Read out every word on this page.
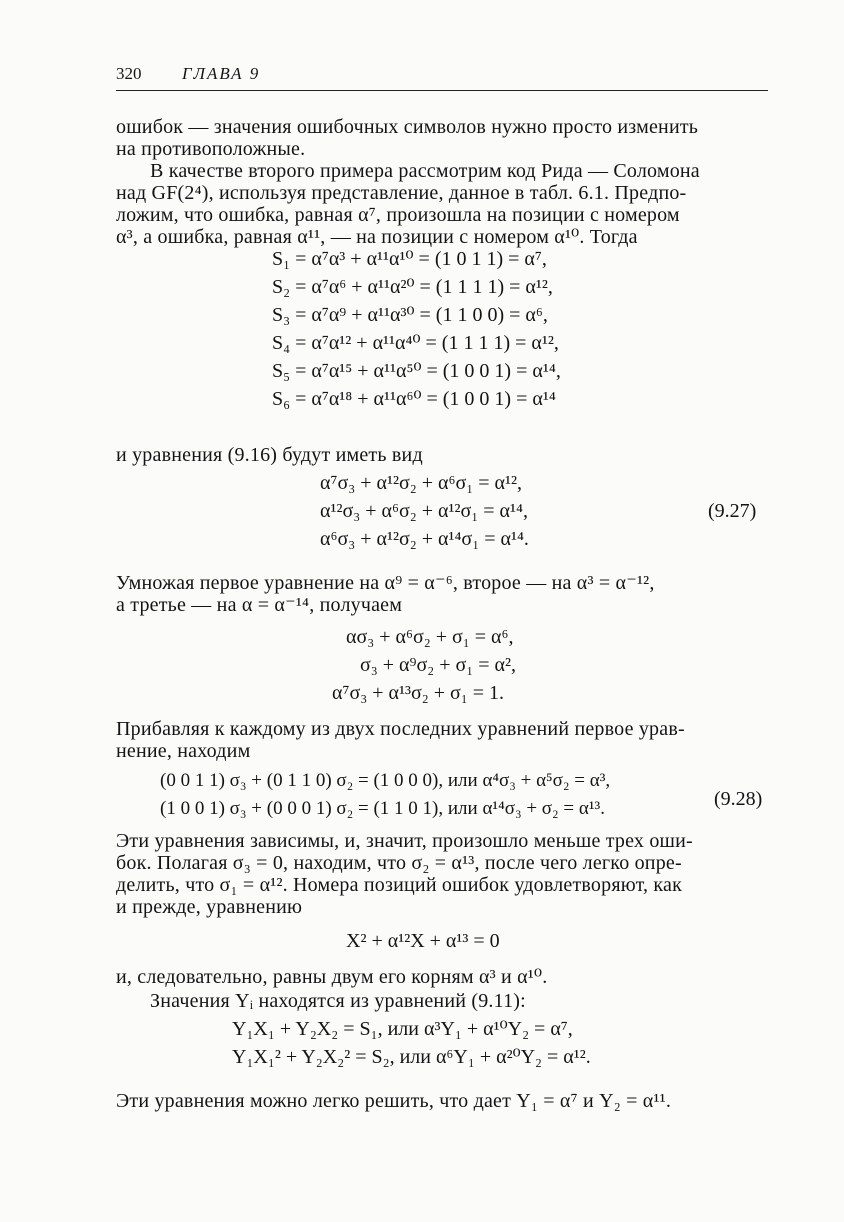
320 ГЛАВА 9
ошибок — значения ошибочных символов нужно просто изменить
на противоположные.
В качестве второго примера рассмотрим код Рида — Соломона
над GF(2⁴), используя представление, данное в табл. 6.1. Предпо-
ложим, что ошибка, равная α⁷, произошла на позиции с номером
α³, а ошибка, равная α¹¹, — на позиции с номером α¹⁰. Тогда
S₁ = α⁷α³ + α¹¹α¹⁰ = (1 0 1 1) = α⁷,
S₂ = α⁷α⁶ + α¹¹α²⁰ = (1 1 1 1) = α¹²,
S₃ = α⁷α⁹ + α¹¹α³⁰ = (1 1 0 0) = α⁶,
S₄ = α⁷α¹² + α¹¹α⁴⁰ = (1 1 1 1) = α¹²,
S₅ = α⁷α¹⁵ + α¹¹α⁵⁰ = (1 0 0 1) = α¹⁴,
S₆ = α⁷α¹⁸ + α¹¹α⁶⁰ = (1 0 0 1) = α¹⁴
и уравнения (9.16) будут иметь вид
α⁷σ₃ + α¹²σ₂ + α⁶σ₁ = α¹²,
α¹²σ₃ + α⁶σ₂ + α¹²σ₁ = α¹⁴,
α⁶σ₃ + α¹²σ₂ + α¹⁴σ₁ = α¹⁴.
(9.27)
Умножая первое уравнение на α⁹ = α⁻⁶, второе — на α³ = α⁻¹²,
а третье — на α = α⁻¹⁴, получаем
ασ₃ + α⁶σ₂ + σ₁ = α⁶,
σ₃ + α⁹σ₂ + σ₁ = α²,
α⁷σ₃ + α¹³σ₂ + σ₁ = 1.
Прибавляя к каждому из двух последних уравнений первое урав-
нение, находим
(0 0 1 1) σ₃ + (0 1 1 0) σ₂ = (1 0 0 0), или α⁴σ₃ + α⁵σ₂ = α³,
(1 0 0 1) σ₃ + (0 0 0 1) σ₂ = (1 1 0 1), или α¹⁴σ₃ + σ₂ = α¹³.	(9.28)
Эти уравнения зависимы, и, значит, произошло меньше трех оши-
бок. Полагая σ₃ = 0, находим, что σ₂ = α¹³, после чего легко опре-
делить, что σ₁ = α¹². Номера позиций ошибок удовлетворяют, как
и прежде, уравнению
X² + α¹²X + α¹³ = 0
и, следовательно, равны двум его корням α³ и α¹⁰.
Значения Yᵢ находятся из уравнений (9.11):
Y₁X₁ + Y₂X₂ = S₁, или α³Y₁ + α¹⁰Y₂ = α⁷,
Y₁X₁² + Y₂X₂² = S₂, или α⁶Y₁ + α²⁰Y₂ = α¹².
Эти уравнения можно легко решить, что дает Y₁ = α⁷ и Y₂ = α¹¹.
